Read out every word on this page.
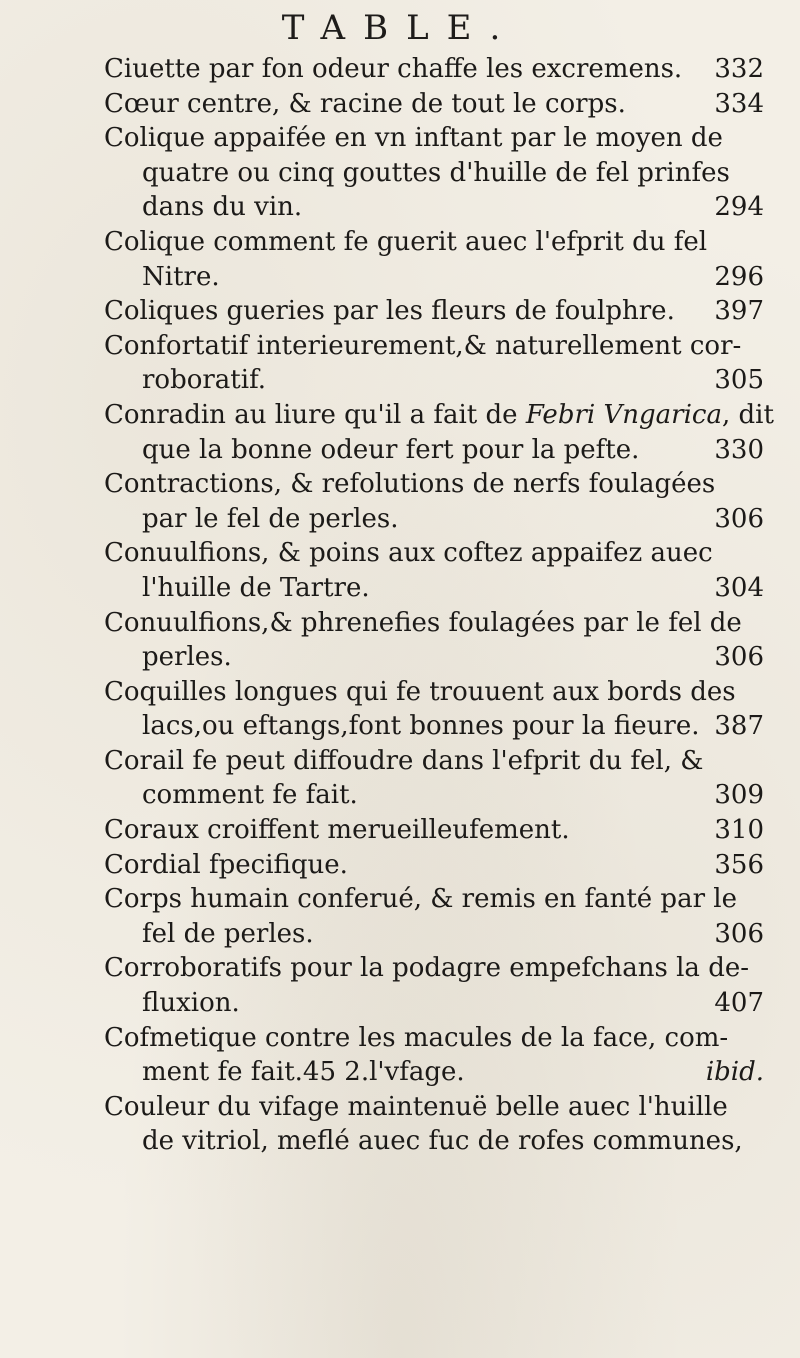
TABLE.
Ciuette par fon odeur chaffe les excremens.	332
Cœur centre, & racine de tout le corps.	334
Colique appaifée en vn inftant par le moyen de
quatre ou cinq gouttes d'huille de fel prinfes
dans du vin.	294
Colique comment fe guerit auec l'efprit du fel
Nitre.	296
Coliques gueries par les fleurs de foulphre.	397
Confortatif interieurement,& naturellement cor-
roboratif.	305
Conradin au liure qu'il a fait de Febri Vngarica, dit
que la bonne odeur fert pour la pefte.	330
Contractions, & refolutions de nerfs foulagées
par le fel de perles.	306
Conuulfions, & poins aux coftez appaifez auec
l'huille de Tartre.	304
Conuulfions,& phrenefies foulagées par le fel de
perles.	306
Coquilles longues qui fe trouuent aux bords des
lacs,ou eftangs,font bonnes pour la fieure. 387
Corail fe peut diffoudre dans l'efprit du fel, &
comment fe fait.	309
Coraux croiffent merueilleufement.	310
Cordial fpecifique.	356
Corps humain conferué, & remis en fanté par le
fel de perles.	306
Corroboratifs pour la podagre empefchans la de-
fluxion.	407
Cofmetique contre les macules de la face, com-
ment fe fait.45 2.l'vfage.	ibid.
Couleur du vifage maintenuë belle auec l'huille
de vitriol, meflé auec fuc de rofes communes,
